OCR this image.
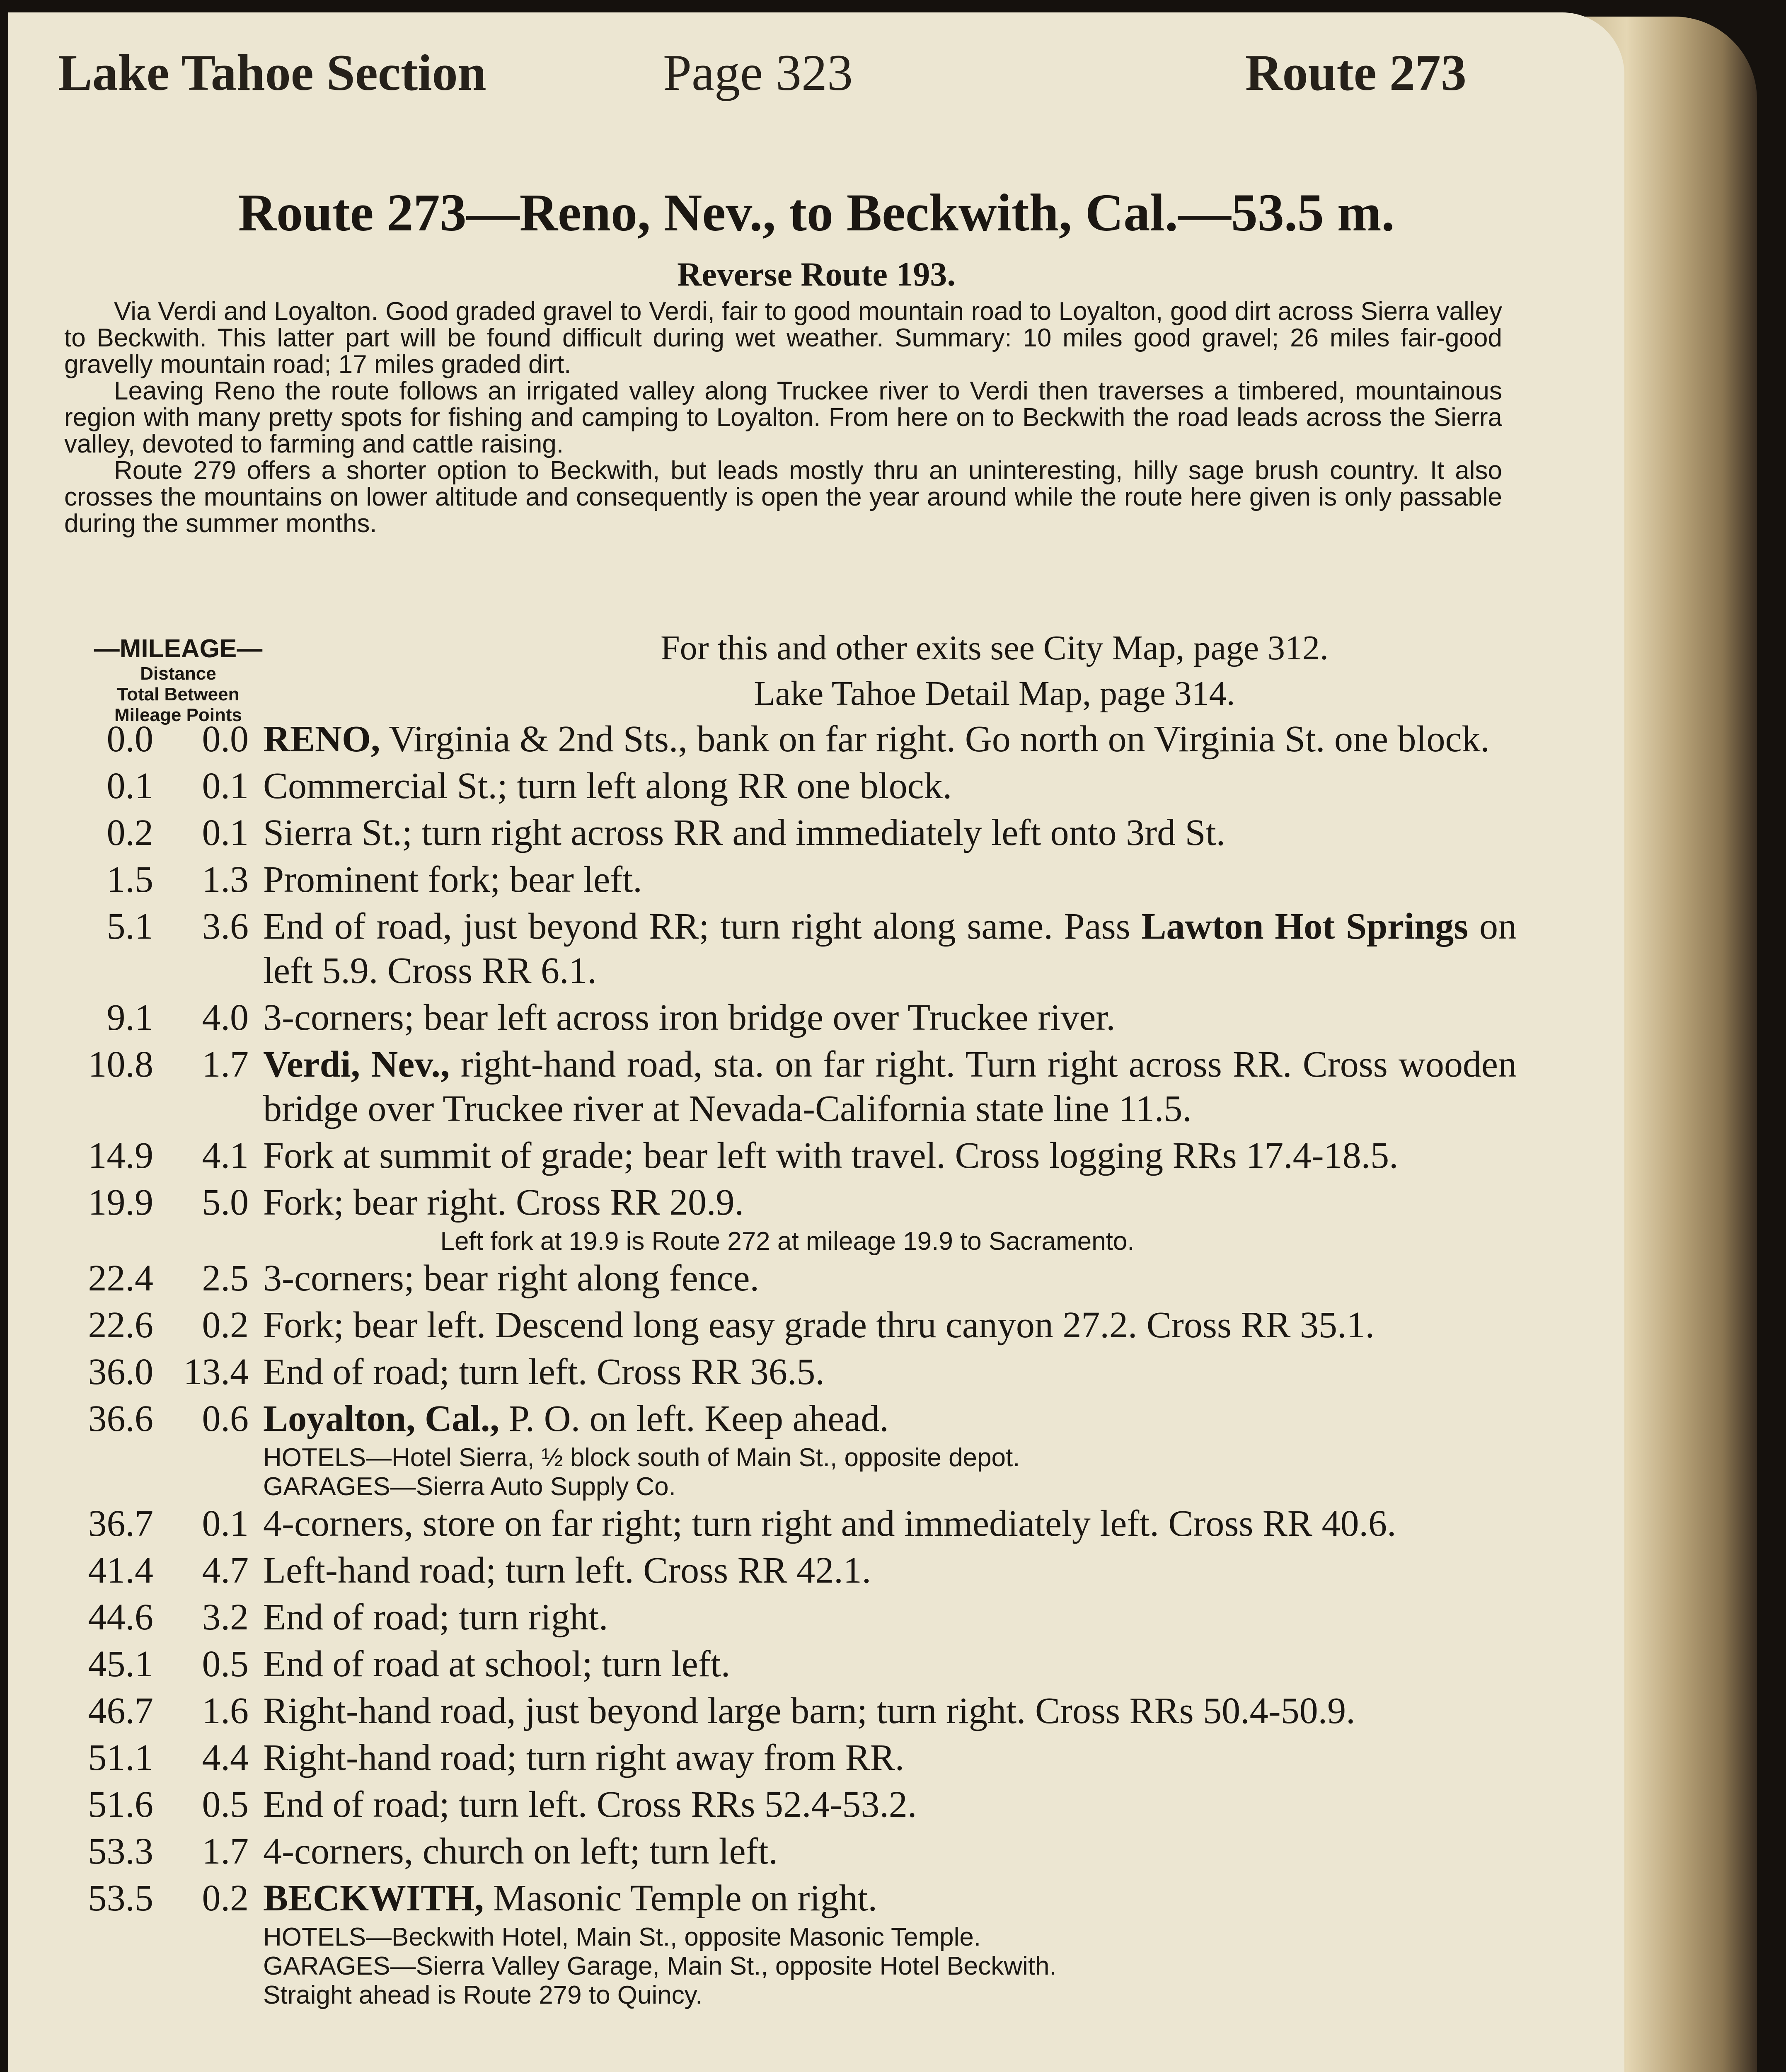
Lake Tahoe Section	Page 323	Route 273
Route 273—Reno, Nev., to Beckwith, Cal.—53.5 m.
Reverse Route 193.

Via Verdi and Loyalton. Good graded gravel to Verdi, fair to good mountain road to Loyalton, good dirt across Sierra valley to Beckwith. This latter part will be found difficult during wet weather. Summary: 10 miles good gravel; 26 miles fair-good gravelly mountain road; 17 miles graded dirt.

Leaving Reno the route follows an irrigated valley along Truckee river to Verdi then traverses a timbered, mountainous region with many pretty spots for fishing and camping to Loyalton. From here on to Beckwith the road leads across the Sierra valley, devoted to farming and cattle raising.

Route 279 offers a shorter option to Beckwith, but leads mostly thru an uninteresting, hilly sage brush country. It also crosses the mountains on lower altitude and consequently is open the year around while the route here given is only passable during the summer months.

—MILEAGE—
Distance
Total Between
Mileage Points
For this and other exits see City Map, page 312.
Lake Tahoe Detail Map, page 314.
0.0	0.0 RENO, Virginia & 2nd Sts., bank on far right. Go north on Virginia St. one block.
0.1	0.1 Commercial St.; turn left along RR one block.
0.2	0.1 Sierra St.; turn right across RR and immediately left onto 3rd St.
1.5	1.3 Prominent fork; bear left.
5.1	3.6 End of road, just beyond RR; turn right along same. Pass Lawton Hot Springs on left 5.9. Cross RR 6.1.
9.1	4.0 3-corners; bear left across iron bridge over Truckee river.
10.8	1.7 Verdi, Nev., right-hand road, sta. on far right. Turn right across RR. Cross wooden bridge over Truckee river at Nevada-California state line 11.5.
14.9	4.1 Fork at summit of grade; bear left with travel. Cross logging RRs 17.4-18.5.
19.9	5.0 Fork; bear right. Cross RR 20.9.
Left fork at 19.9 is Route 272 at mileage 19.9 to Sacramento.
22.4	2.5 3-corners; bear right along fence.
22.6	0.2 Fork; bear left. Descend long easy grade thru canyon 27.2. Cross RR 35.1.
36.0 13.4 End of road; turn left. Cross RR 36.5.
36.6	0.6 Loyalton, Cal., P. O. on left. Keep ahead.
HOTELS—Hotel Sierra, ½ block south of Main St., opposite depot.
GARAGES—Sierra Auto Supply Co.
36.7	0.1 4-corners, store on far right; turn right and immediately left. Cross RR 40.6.
41.4	4.7 Left-hand road; turn left. Cross RR 42.1.
44.6	3.2 End of road; turn right.
45.1	0.5 End of road at school; turn left.
46.7	1.6 Right-hand road, just beyond large barn; turn right. Cross RRs 50.4-50.9.
51.1	4.4 Right-hand road; turn right away from RR.
51.6	0.5 End of road; turn left. Cross RRs 52.4-53.2.
53.3	1.7 4-corners, church on left; turn left.
53.5	0.2 BECKWITH, Masonic Temple on right.
HOTELS—Beckwith Hotel, Main St., opposite Masonic Temple.
GARAGES—Sierra Valley Garage, Main St., opposite Hotel Beckwith.
Straight ahead is Route 279 to Quincy.
